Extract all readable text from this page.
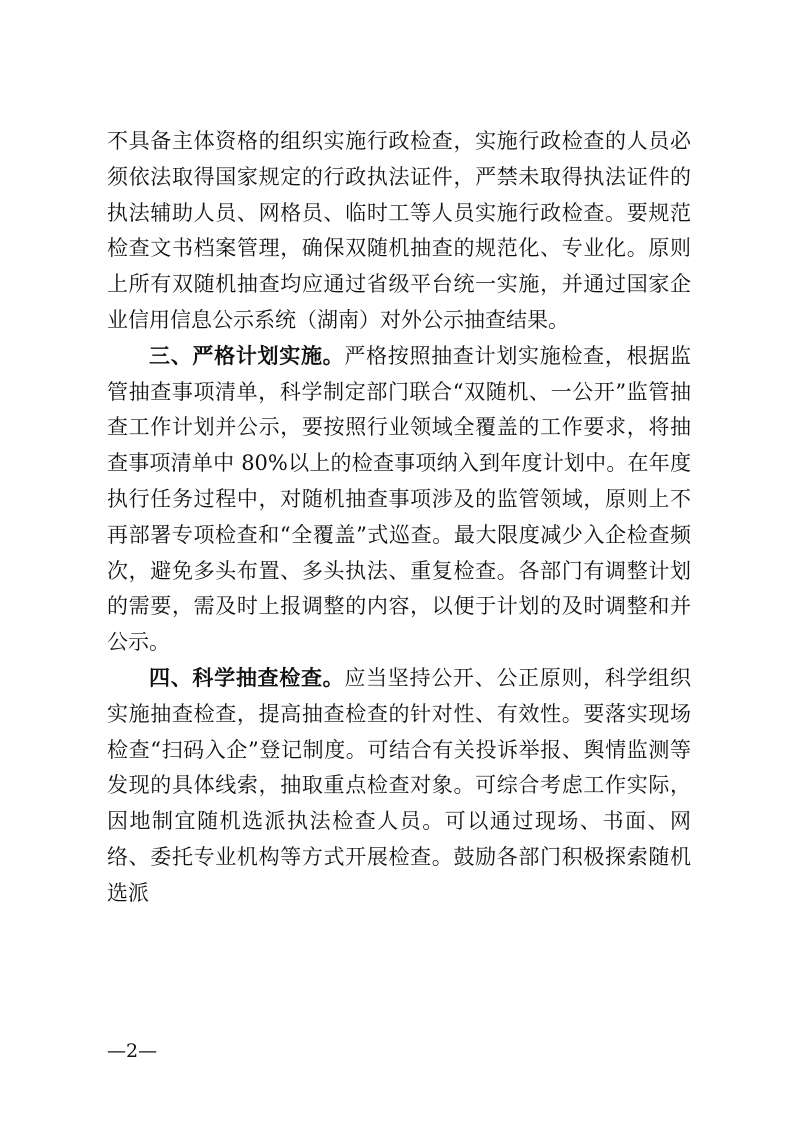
不具备主体资格的组织实施行政检查，实施行政检查的人员必须依法取得国家规定的行政执法证件，严禁未取得执法证件的执法辅助人员、网格员、临时工等人员实施行政检查。要规范检查文书档案管理，确保双随机抽查的规范化、专业化。原则上所有双随机抽查均应通过省级平台统一实施，并通过国家企业信用信息公示系统（湖南）对外公示抽查结果。

三、严格计划实施。严格按照抽查计划实施检查，根据监管抽查事项清单，科学制定部门联合“双随机、一公开”监管抽查工作计划并公示，要按照行业领域全覆盖的工作要求，将抽查事项清单中 80%以上的检查事项纳入到年度计划中。在年度执行任务过程中，对随机抽查事项涉及的监管领域，原则上不再部署专项检查和“全覆盖”式巡查。最大限度减少入企检查频次，避免多头布置、多头执法、重复检查。各部门有调整计划的需要，需及时上报调整的内容，以便于计划的及时调整和并公示。

四、科学抽查检查。应当坚持公开、公正原则，科学组织实施抽查检查，提高抽查检查的针对性、有效性。要落实现场检查“扫码入企”登记制度。可结合有关投诉举报、舆情监测等发现的具体线索，抽取重点检查对象。可综合考虑工作实际，因地制宜随机选派执法检查人员。可以通过现场、书面、网络、委托专业机构等方式开展检查。鼓励各部门积极探索随机选派

—2—
